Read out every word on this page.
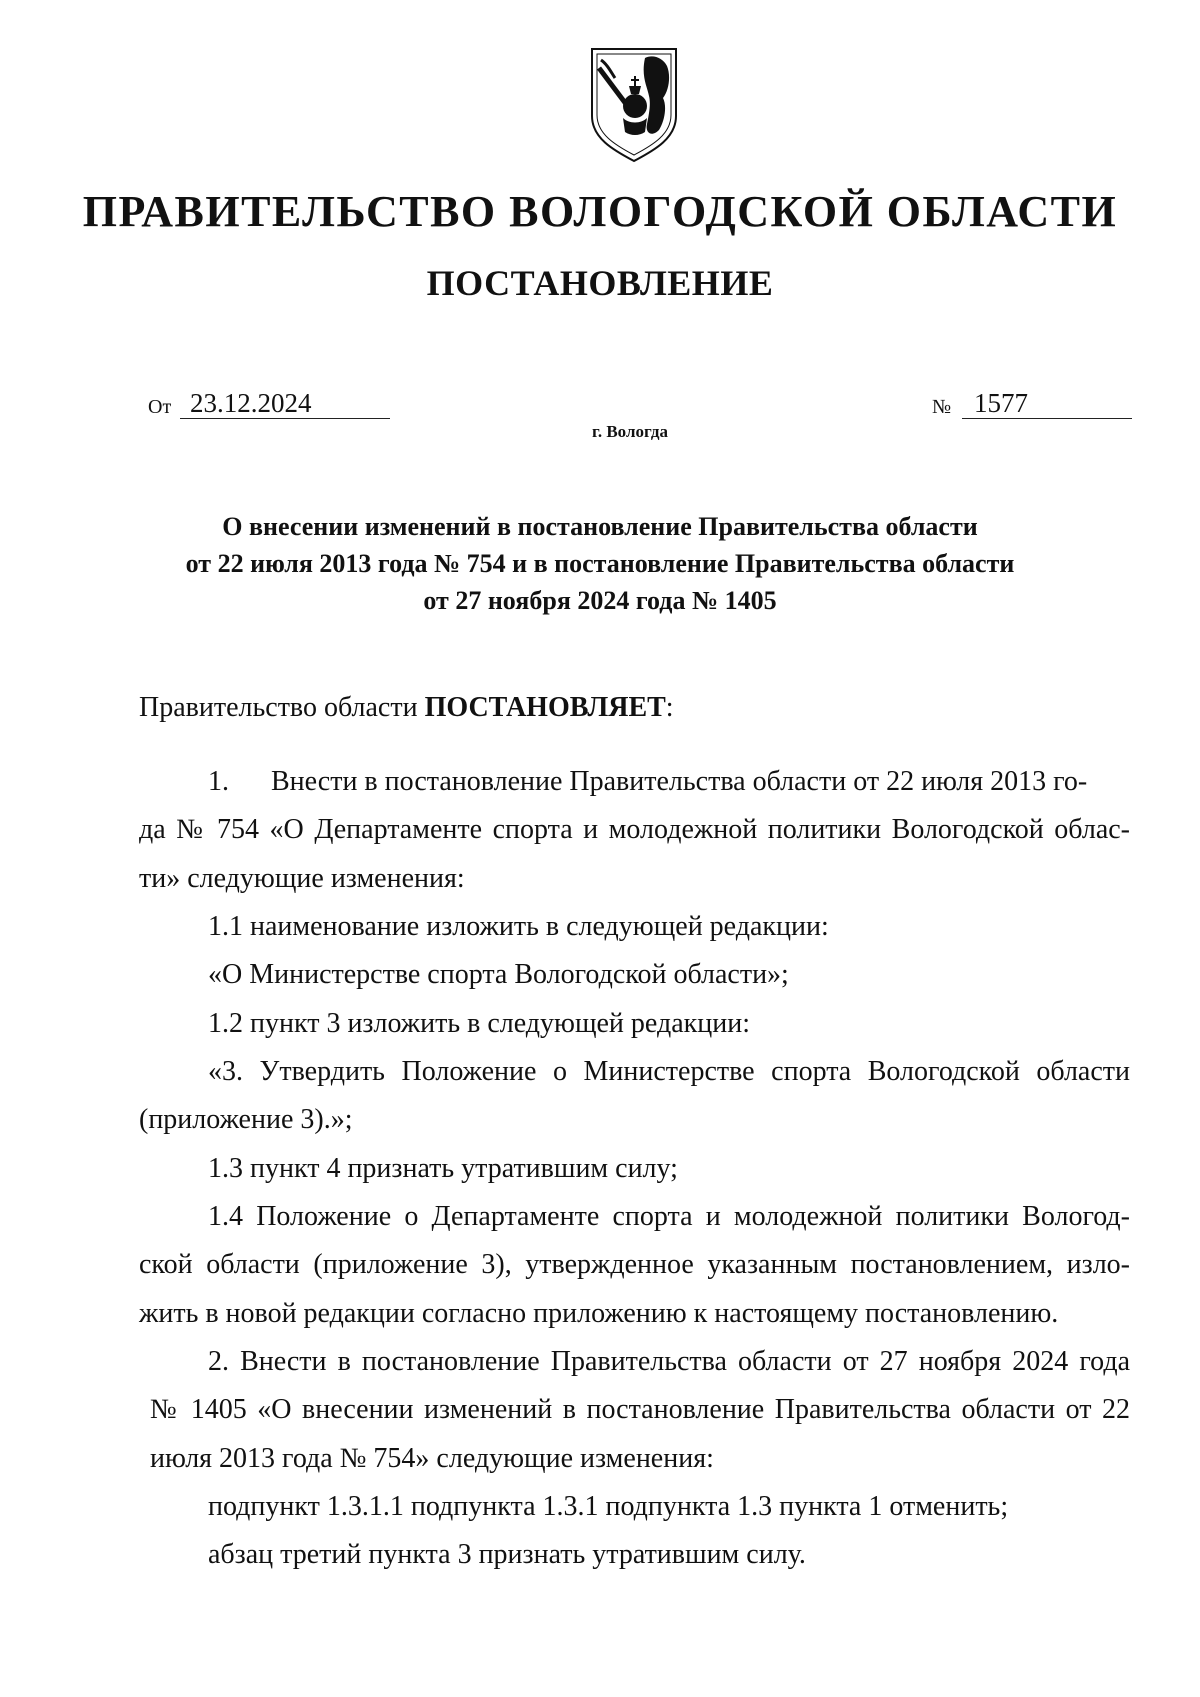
ПРАВИТЕЛЬСТВО ВОЛОГОДСКОЙ ОБЛАСТИ
ПОСТАНОВЛЕНИЕ
От 23.12.2024	№ 1577
г. Вологда
О внесении изменений в постановление Правительства области
от 22 июля 2013 года № 754 и в постановление Правительства области
от 27 ноября 2024 года № 1405
Правительство области ПОСТАНОВЛЯЕТ:
1.      Внести в постановление Правительства области от 22 июля 2013 го-
да № 754 «О Департаменте спорта и молодежной политики Вологодской облас-
ти» следующие изменения:
1.1 наименование изложить в следующей редакции:
«О Министерстве спорта Вологодской области»;
1.2 пункт 3 изложить в следующей редакции:
«3. Утвердить Положение о Министерстве спорта Вологодской области
(приложение 3).»;
1.3 пункт 4 признать утратившим силу;
1.4 Положение о Департаменте спорта и молодежной политики Вологод-
ской области (приложение 3), утвержденное указанным постановлением, изло-
жить в новой редакции согласно приложению к настоящему постановлению.
2. Внести в постановление Правительства области от 27 ноября 2024 года
№ 1405 «О внесении изменений в постановление Правительства области от 22
июля 2013 года № 754» следующие изменения:
подпункт 1.3.1.1 подпункта 1.3.1 подпункта 1.3 пункта 1 отменить;
абзац третий пункта 3 признать утратившим силу.
